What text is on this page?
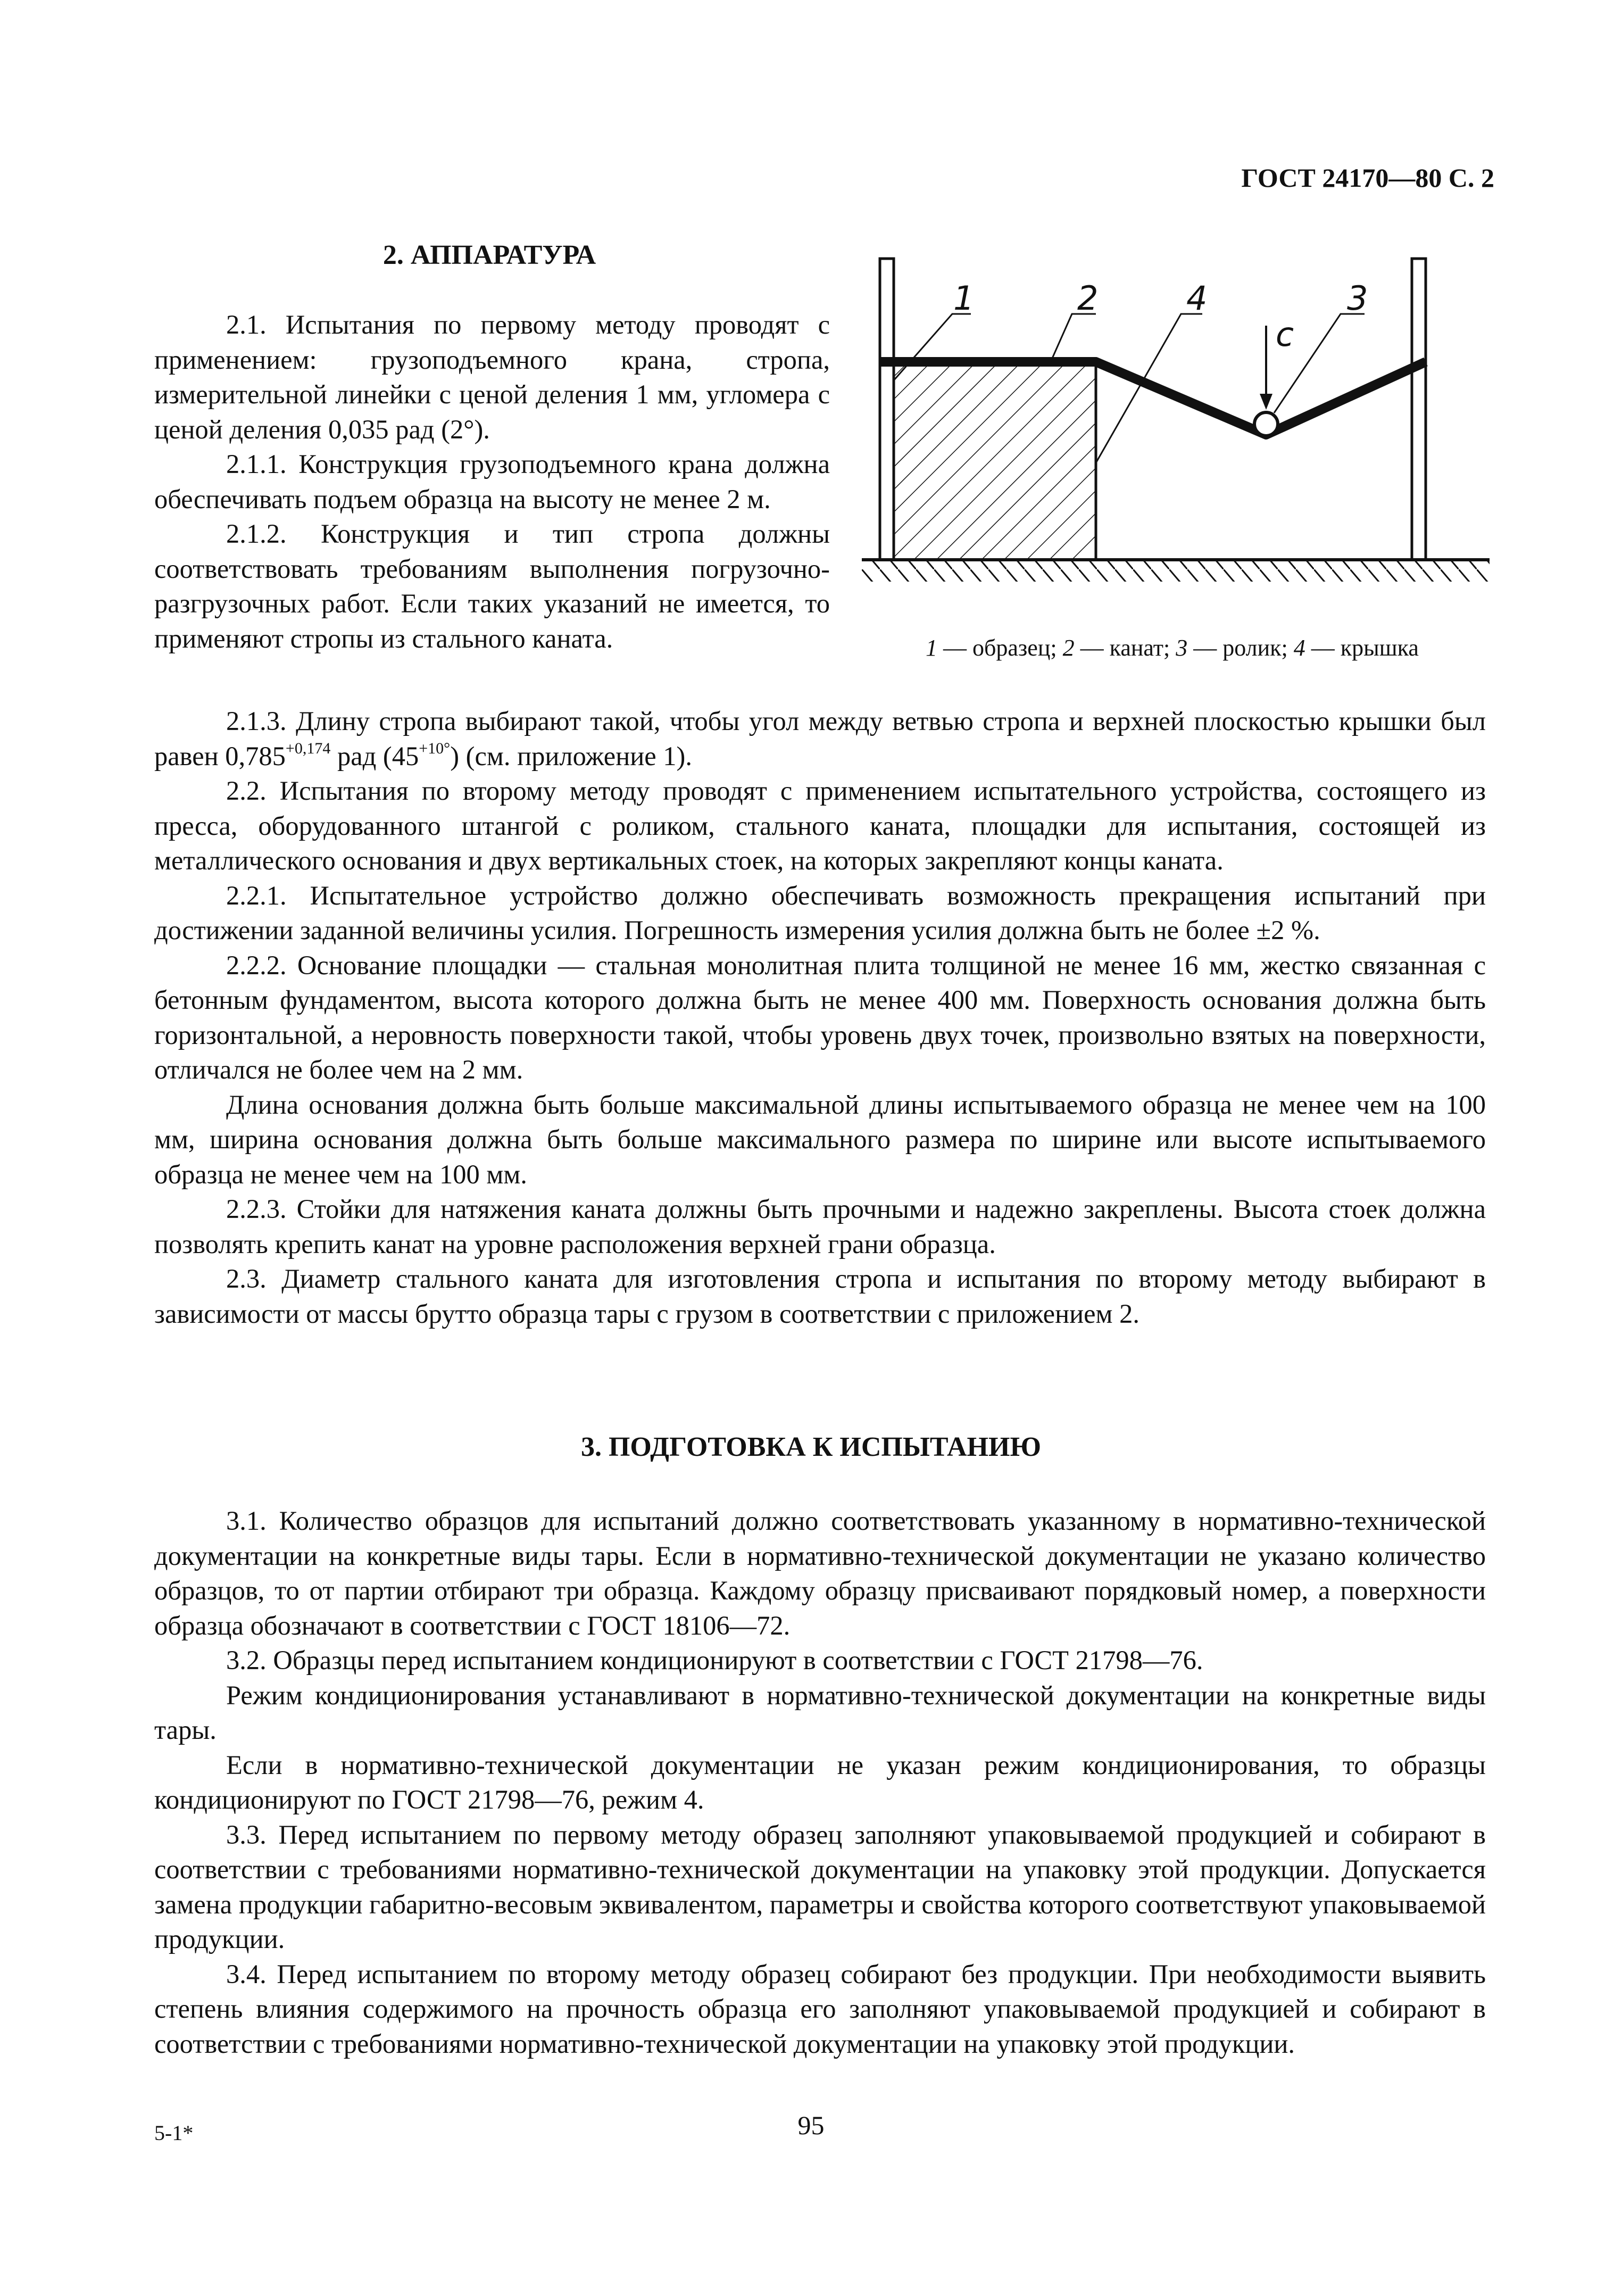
ГОСТ 24170—80 С. 2
2. АППАРАТУРА

2.1. Испытания по первому методу проводят с применением: грузоподъемного крана, стропа, измерительной линейки с ценой деления 1 мм, угломера с ценой деления 0,035 рад (2°).

2.1.1. Конструкция грузоподъемного крана должна обеспечивать подъем образца на высоту не менее 2 м.

2.1.2. Конструкция и тип стропа должны соответствовать требованиям выполнения погрузочно-разгрузочных работ. Если таких указаний не имеется, то применяют стропы из стального каната.

c
1	2	4	3
1 — образец; 2 — канат; 3 — ролик; 4 — крышка

2.1.3. Длину стропа выбирают такой, чтобы угол между ветвью стропа и верхней плоскостью крышки был равен $0,785^{+0,174}$ рад $(45^{+10^\circ})$ (см. приложение 1).

2.2. Испытания по второму методу проводят с применением испытательного устройства, состоящего из пресса, оборудованного штангой с роликом, стального каната, площадки для испытания, состоящей из металлического основания и двух вертикальных стоек, на которых закрепляют концы каната.

2.2.1. Испытательное устройство должно обеспечивать возможность прекращения испытаний при достижении заданной величины усилия. Погрешность измерения усилия должна быть не более ±2 %.

2.2.2. Основание площадки — стальная монолитная плита толщиной не менее 16 мм, жестко связанная с бетонным фундаментом, высота которого должна быть не менее 400 мм. Поверхность основания должна быть горизонтальной, а неровность поверхности такой, чтобы уровень двух точек, произвольно взятых на поверхности, отличался не более чем на 2 мм.

Длина основания должна быть больше максимальной длины испытываемого образца не менее чем на 100 мм, ширина основания должна быть больше максимального размера по ширине или высоте испытываемого образца не менее чем на 100 мм.

2.2.3. Стойки для натяжения каната должны быть прочными и надежно закреплены. Высота стоек должна позволять крепить канат на уровне расположения верхней грани образца.

2.3. Диаметр стального каната для изготовления стропа и испытания по второму методу выбирают в зависимости от массы брутто образца тары с грузом в соответствии с приложением 2.

3. ПОДГОТОВКА К ИСПЫТАНИЮ

3.1. Количество образцов для испытаний должно соответствовать указанному в нормативно-технической документации на конкретные виды тары. Если в нормативно-технической документации не указано количество образцов, то от партии отбирают три образца. Каждому образцу присваивают порядковый номер, а поверхности образца обозначают в соответствии с ГОСТ 18106—72.

3.2. Образцы перед испытанием кондиционируют в соответствии с ГОСТ 21798—76.

Режим кондиционирования устанавливают в нормативно-технической документации на конкретные виды тары.

Если в нормативно-технической документации не указан режим кондиционирования, то образцы кондиционируют по ГОСТ 21798—76, режим 4.

3.3. Перед испытанием по первому методу образец заполняют упаковываемой продукцией и собирают в соответствии с требованиями нормативно-технической документации на упаковку этой продукции. Допускается замена продукции габаритно-весовым эквивалентом, параметры и свойства которого соответствуют упаковываемой продукции.

3.4. Перед испытанием по второму методу образец собирают без продукции. При необходимости выявить степень влияния содержимого на прочность образца его заполняют упаковываемой продукцией и собирают в соответствии с требованиями нормативно-технической документации на упаковку этой продукции.

5-1*	95
